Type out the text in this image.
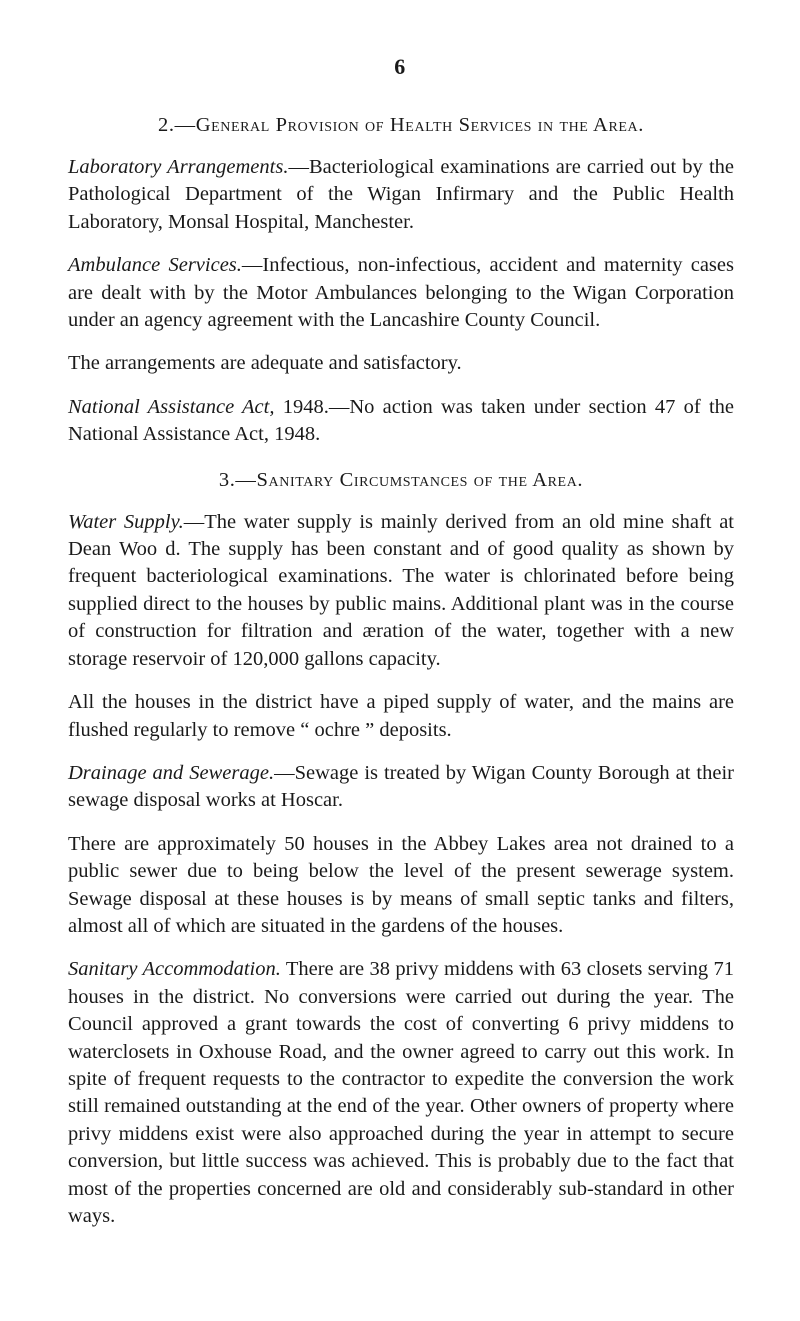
6
2.—General Provision of Health Services in the Area.

Laboratory Arrangements.—Bacteriological examinations are carried out by the Pathological Department of the Wigan Infirmary and the Public Health Laboratory, Monsal Hospital, Manchester.

Ambulance Services.—Infectious, non-infectious, accident and maternity cases are dealt with by the Motor Ambulances belonging to the Wigan Corporation under an agency agreement with the Lancashire County Council.

The arrangements are adequate and satisfactory.

National Assistance Act, 1948.—No action was taken under section 47 of the National Assistance Act, 1948.

3.—Sanitary Circumstances of the Area.

Water Supply.—The water supply is mainly derived from an old mine shaft at Dean Woo d. The supply has been constant and of good quality as shown by frequent bacteriological examinations. The water is chlorinated before being supplied direct to the houses by public mains. Additional plant was in the course of construction for filtration and æration of the water, together with a new storage reservoir of 120,000 gallons capacity.

All the houses in the district have a piped supply of water, and the mains are flushed regularly to remove “ ochre ” deposits.

Drainage and Sewerage.—Sewage is treated by Wigan County Borough at their sewage disposal works at Hoscar.

There are approximately 50 houses in the Abbey Lakes area not drained to a public sewer due to being below the level of the present sewerage system. Sewage disposal at these houses is by means of small septic tanks and filters, almost all of which are situated in the gardens of the houses.

Sanitary Accommodation. There are 38 privy middens with 63 closets serving 71 houses in the district. No conversions were carried out during the year. The Council approved a grant towards the cost of converting 6 privy middens to waterclosets in Oxhouse Road, and the owner agreed to carry out this work. In spite of frequent requests to the contractor to expedite the conversion the work still remained outstanding at the end of the year. Other owners of property where privy middens exist were also approached during the year in attempt to secure conversion, but little success was achieved. This is probably due to the fact that most of the properties concerned are old and considerably sub-standard in other ways.
